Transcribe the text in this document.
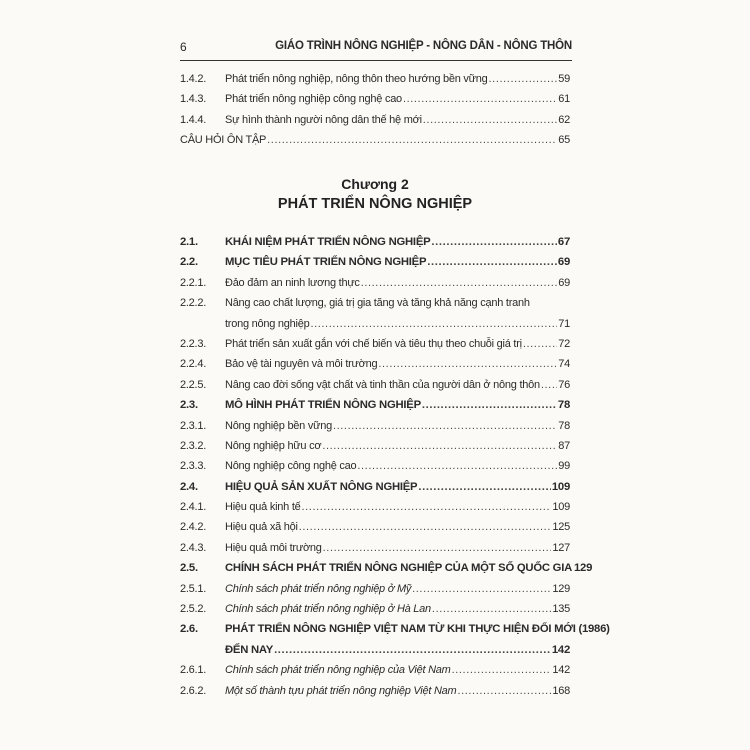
6	GIÁO TRÌNH NÔNG NGHIỆP - NÔNG DÂN - NÔNG THÔN
1.4.2.	Phát triển nông nghiệp, nông thôn theo hướng bền vững .....	59
1.4.3.	Phát triển nông nghiệp công nghệ cao .....	61
1.4.4.	Sự hình thành người nông dân thế hệ mới .....	62
CÂU HỎI ÔN TẬP .....	65
Chương 2
PHÁT TRIỂN NÔNG NGHIỆP
2.1.	KHÁI NIỆM PHÁT TRIỂN NÔNG NGHIỆP .....	67
2.2.	MỤC TIÊU PHÁT TRIỂN NÔNG NGHIỆP .....	69
2.2.1.	Đảo đảm an ninh lương thực .....	69
2.2.2.	Nâng cao chất lượng, giá trị gia tăng và tăng khả năng cạnh tranh
trong nông nghiệp .....	71
2.2.3.	Phát triển sản xuất gắn với chế biến và tiêu thụ theo chuỗi giá trị .....	72
2.2.4.	Bảo vệ tài nguyên và môi trường .....	74
2.2.5.	Nâng cao đời sống vật chất và tinh thần của người dân ở nông thôn ..... 76
2.3.	MÔ HÌNH PHÁT TRIỂN NÔNG NGHIỆP .....	78
2.3.1.	Nông nghiệp bền vững .....	78
2.3.2.	Nông nghiệp hữu cơ .....	87
2.3.3.	Nông nghiệp công nghệ cao .....	99
2.4.	HIỆU QUẢ SẢN XUẤT NÔNG NGHIỆP .....	109
2.4.1.	Hiệu quả kinh tế .....	109
2.4.2.	Hiệu quả xã hội .....	125
2.4.3.	Hiệu quả môi trường .....	127
2.5.	CHÍNH SÁCH PHÁT TRIỂN NÔNG NGHIỆP CỦA MỘT SỐ QUỐC GIA 129
2.5.1.	Chính sách phát triển nông nghiệp ở Mỹ .....	129
2.5.2.	Chính sách phát triển nông nghiệp ở Hà Lan .....	135
2.6.	PHÁT TRIỂN NÔNG NGHIỆP VIỆT NAM TỪ KHI THỰC HIỆN ĐỔI MỚI (1986)
ĐẾN NAY .....	142
2.6.1.	Chính sách phát triển nông nghiệp của Việt Nam .....	142
2.6.2.	Một số thành tựu phát triển nông nghiệp Việt Nam .....	168
